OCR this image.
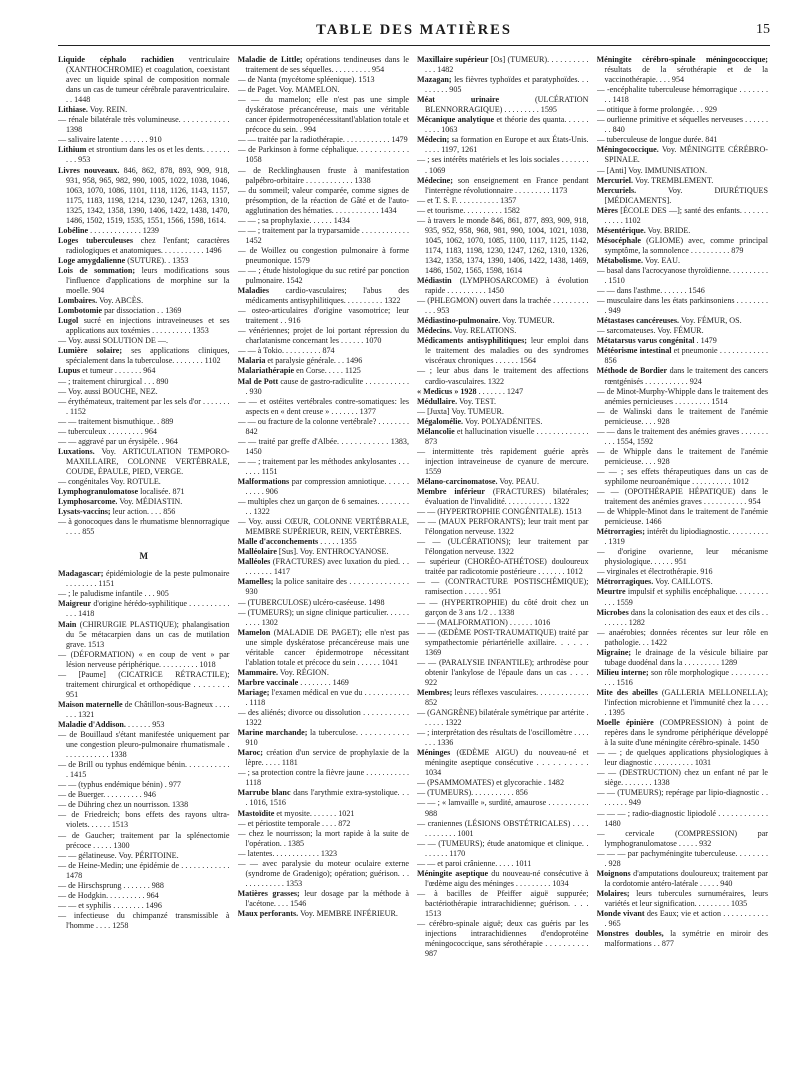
TABLE DES MATIÈRES	15
Liquide céphalo rachidien ventriculaire (XANTHOCHROMIE) et coagulation, coexistant avec un liquide spinal de composition normale dans un cas de tumeur cérébrale paraventriculaire. . . 1448
Lithiase. Voy. REIN.
— rénale bilatérale très volumineuse. . . . . . . . . . . . 1398
— salivaire latente . . . . . . . 910
Lithium et strontium dans les os et les dents. . . . . . . . . . 953
Livres nouveaux. 846, 862, 878, 893, 909, 918, 931, 958, 965, 982, 990, 1005, 1022, 1038, 1046, 1063, 1070, 1086, 1101, 1118, 1126, 1143, 1157, 1175, 1183, 1198, 1214, 1230, 1247, 1263, 1310, 1325, 1342, 1358, 1390, 1406, 1422, 1438, 1470, 1486, 1502, 1519, 1535, 1551, 1566, 1598, 1614.
Lobéline . . . . . . . . . . . . . 1239
Loges tuberculeuses chez l'enfant; caractères radiologiques et anatomiques. . . . . . . . . . . 1496
Loge amygdalienne (SUTURE). . 1353
Lois de sommation; leurs modifications sous l'influence d'applications de morphine sur la moelle. 904
Lombaires. Voy. ABCÈS.
Lombotomie par dissociation . . 1369
Lugol sucré en injections intraveineuses et ses applications aux toxémies . . . . . . . . . . 1353
— Voy. aussi SOLUTION DE —.
Lumière solaire; ses applications cliniques, spécialement dans la tuberculose. . . . . . . . 1102
Lupus et tumeur . . . . . . . 964
— ; traitement chirurgical . . . 890
— Voy. aussi BOUCHE, NEZ.
— érythémateux, traitement par les sels d'or . . . . . . . . 1152
— — traitement bismuthique. . 889
— tuberculeux . . . . . . . . . 964
— — aggravé par un érysipèle. . 964
Luxations. Voy. ARTICULATION TEMPORO-MAXILLAIRE, COLONNE VERTÉBRALE, COUDE, ÉPAULE, PIED, VERGE.
— congénitales Voy. ROTULE.
Lymphogranulomatose localisée. 871
Lymphosarcome. Voy. MÉDIASTIN.
Lysats-vaccins; leur action. . . . 856
— à gonocoques dans le rhumatisme blennorragique . . . . 855
M
Madagascar; épidémiologie de la peste pulmonaire . . . . . . . . 1151
— ; le paludisme infantile . . . 905
Maigreur d'origine hérédo-syphilitique . . . . . . . . . . . . . 1418
Main (CHIRURGIE PLASTIQUE); phalangisation du 5e métacarpien dans un cas de mutilation grave. 1513
— (DÉFORMATION) « en coup de vent » par lésion nerveuse périphérique. . . . . . . . . . 1018
— [Paume] (CICATRICE RÉTRACTILE); traitement chirurgical et orthopédique . . . . . . . . 951
Maison maternelle de Châtillon-sous-Bagneux . . . . . . . 1321
Maladie d'Addison. . . . . . . 953
— de Bouillaud s'étant manifestée uniquement par une congestion pleuro-pulmonaire rhumatismale . . . . . . . . . . . . 1338
— de Brill ou typhus endémique bénin. . . . . . . . . . . . 1415
— — (typhus endémique bénin) . 977
— de Buerger. . . . . . . . . . 946
— de Dühring chez un nourrisson. 1338
— de Friedreich; bons effets des rayons ultra-violets. . . . . . 1513
— de Gaucher; traitement par la splénectomie précoce . . . . . 1300
— — gélatineuse. Voy. PÉRITOINE.
— de Heine-Medin; une épidémie de . . . . . . . . . . . . 1478
— de Hirschsprung . . . . . . . 988
— de Hodgkin. . . . . . . . . . 964
— — et syphilis . . . . . . . . 1496
— infectieuse du chimpanzé transmissible à l'homme . . . . 1258
Maladie de Little; opérations tendineuses dans le traitement de ses séquelles. . . . . . . . . . 954
— de Nanta (mycétome spléenique). 1513
— de Paget. Voy. MAMELON.
— — du mamelon; elle n'est pas une simple dyskératose précancéreuse, mais une véritable cancer épidermotropenécessitantl'ablation totale et précoce du sein. . 994
— — traitée par la radiothérapie. . . . . . . . . . . . 1479
— de Parkinson à forme céphalique. . . . . . . . . . . . 1058
— de Recklinghausen fruste à manifestation palpébro-orbitaire . . . . . . . . . . . . 1338
— du sommeil; valeur comparée, comme signes de présomption, de la réaction de Gâté et de l'auto-agglutination des hématies. . . . . . . . . . . . 1434
— — ; sa prophylaxie. . . . . . 1434
— — ; traitement par la tryparsamide . . . . . . . . . . . . 1452
— de Woillez ou congestion pulmonaire à forme pneumonique. 1579
— — ; étude histologique du suc retiré par ponction pulmonaire. 1542
Maladies cardio-vasculaires; l'abus des médicaments antisyphilitiques. . . . . . . . . . 1322
— osteo-articulaires d'origine vasomotrice; leur traitement . . 916
— vénériennes; projet de loi portant répression du charlatanisme concernant les . . . . . . 1070
— — à Tokio. . . . . . . . . . 874
Malaria et paralysie générale. . . 1496
Malariathérapie en Corse. . . . . 1125
Mal de Pott cause de gastro-radiculite . . . . . . . . . . . . 930
— — et ostéites vertébrales contre-somatiques: les aspects en « dent creuse » . . . . . . . 1377
— — ou fracture de la colonne vertébrale? . . . . . . . . 842
— — traité par greffe d'Albée. . . . . . . . . . . . 1383, 1450
— — ; traitement par les méthodes ankylosantes . . . . . . . 1151
Malformations par compression amniotique. . . . . . . . . . . 906
— multiples chez un garçon de 6 semaines. . . . . . . . . . 1322
— Voy. aussi CŒUR, COLONNE VERTÉBRALE, MEMBRE SUPÉRIEUR, REIN, VERTÈBRES.
Malle d'acconchements . . . . . 1355
Malléolaire [Sus]. Voy. ENTHROCYANOSE.
Malléoles (FRACTURES) avec luxation du pied. . . . . . . . . . 1417
Mamelles; la police sanitaire des . . . . . . . . . . . . . . 930
— (TUBERCULOSE) ulcéro-caséeuse. 1498
— (TUMEURS); un signe clinique particulier. . . . . . . . . . 1302
Mamelon (MALADIE DE PAGET); elle n'est pas une simple dyskératose précancéreuse mais une véritable cancer épidermotrope nécessitant l'ablation totale et précoce du sein . . . . . . 1041
Mammaire. Voy. RÉGION.
Marbre vaccinale . . . . . . . . 1469
Mariage; l'examen médical en vue du . . . . . . . . . . . . 1118
— des aliénés; divorce ou dissolution . . . . . . . . . . . 1322
Marine marchande; la tuberculose. . . . . . . . . . . . 910
Maroc; création d'un service de prophylaxie de la lèpre. . . . . 1181
— ; sa protection contre la fièvre jaune . . . . . . . . . . . 1118
Marrube blanc dans l'arythmie extra-systolique. . . . 1016, 1516
Mastoïdite et myosite. . . . . . . 1021
— et périostite temporale . . . . 872
— chez le nourrisson; la mort rapide à la suite de l'opération. . 1385
— latentes. . . . . . . . . . . . 1323
— — avec paralysie du moteur oculaire externe (syndrome de Gradenigo); opération; guérison. . . . . . . . . . . . . 1353
Matières grasses; leur dosage par la méthode à l'acétone. . . . 1546
Maux perforants. Voy. MEMBRE INFÉRIEUR.
Maxillaire supérieur [Os] (TUMEUR). . . . . . . . . . . . . 1482
Mazagan; les fièvres typhoïdes et paratyphoïdes. . . . . . . . . 905
Méat urinaire (ULCÉRATION BLENNORRAGIQUE) . . . . . . . . . 1595
Mécanique analytique et théorie des quanta. . . . . . . . . . 1063
Médecin; sa formation en Europe et aux États-Unis. . . . . 1197, 1261
— ; ses intérêts matériels et les lois sociales . . . . . . . . 1069
Médecine; son enseignement en France pendant l'interrègne révolutionnaire . . . . . . . . . 1173
— et T. S. F. . . . . . . . . . . 1357
— et tourisme. . . . . . . . . . 1582
— à travers le monde 846, 861, 877, 893, 909, 918, 935, 952, 958, 968, 981, 990, 1004, 1021, 1038, 1045, 1062, 1070, 1085, 1100, 1117, 1125, 1142, 1174, 1183, 1198, 1230, 1247, 1262, 1310, 1326, 1342, 1358, 1374, 1390, 1406, 1422, 1438, 1469, 1486, 1502, 1565, 1598, 1614
Médiastin (LYMPHOSARCOME) à évolution rapide . . . . . . . . . . 1450
— (PHLEGMON) ouvert dans la trachée . . . . . . . . . . . . 953
Médiastino-pulmonaire. Voy. TUMEUR.
Médecins. Voy. RELATIONS.
Médicaments antisyphilitiques; leur emploi dans le traitement des maladies ou des syndromes viscéraux chroniques . . . . . . 1564
— ; leur abus dans le traitement des affections cardio-vasculaires. 1322
« Medicus » 1928 . . . . . . . 1247
Médullaire. Voy. TEST.
— [Juxta] Voy. TUMEUR.
Mégalomélie. Voy. POLYADÉNITES.
Mélancolie et hallucination visuelle . . . . . . . . . . . . . 873
— intermittente très rapidement guérie après injection intraveineuse de cyanure de mercure. 1559
Mélano-carcinomatose. Voy. PEAU.
Membre inférieur (FRACTURES) bilatérales; évaluation de l'invalidité. . . . . . . . . . . . 1322
— — (HYPERTROPHIE CONGÉNITALE). 1513
— — (MAUX PERFORANTS); leur trait ment par l'élongation nerveuse. 1322
— — (ULCÉRATIONS); leur traitement par l'élongation nerveuse. 1322
— supérieur (CHORÉO-ATHÉTOSE) douloureux traitée par radicotomie postérieure . . . . . . . 1012
— — (CONTRACTURE POSTISCHÉMIQUE); ramisection . . . . . . 951
— — (HYPERTROPHIE) du côté droit chez un garçon de 3 ans 1/2 . . 1338
— — (MALFORMATION) . . . . . . 1016
— — (ŒDÈME POST-TRAUMATIQUE) traité par sympathectomie périartérielle axillaire. . . . . . 1369
— — (PARALYSIE INFANTILE); arthrodèse pour obtenir l'ankylose de l'épaule dans un cas . . . . 922
Membres; leurs réflexes vasculaires. . . . . . . . . . . . . 852
— (GANGRÈNE) bilatérale symétrique par artérite . . . . . . 1322
— ; interprétation des résultats de l'oscillomètre . . . . . . . 1336
Méninges (ŒDÈME AIGU) du nouveau-né et méningite aseptique consécutive . . . . . . . . . . 1034
— (PSAMMOMATES) et glycorachie . 1482
— (TUMEURS). . . . . . . . . . . 856
— — ; « lamvaille », surdité, amaurose . . . . . . . . . . 988
— craniennes (LÉSIONS OBSTÉTRICALES) . . . . . . . . . . . . 1001
— — (TUMEURS); étude anatomique et clinique. . . . . . . . 1170
— — et paroi crânienne. . . . . 1011
Méningite aseptique du nouveau-né consécutive à l'œdème aigu des méninges . . . . . . . . . 1034
— à bacilles de Pfeiffer aiguë suppurée; bactériothérapie intrarachidienne; guérison. . . . 1513
— cérébro-spinale aiguë; deux cas guéris par les injections intrarachidiennes d'endoprotéine méningococcique, sans sérothérapie . . . . . . . . . . 987
Méningite cérébro-spinale méningococcique; résultats de la sérothérapie et de la vaccinothérapie. . . . 954
— -encéphalite tuberculeuse hémorragique . . . . . . . . . 1418
— otitique à forme prolongée. . . 929
— ourlienne primitive et séquelles nerveuses . . . . . . . . 840
— tuberculeuse de longue durée. 841
Méningococcique. Voy. MÉNINGITE CÉRÉBRO-SPINALE.
— [Anti] Voy. IMMUNISATION.
Mercuriel. Voy. TREMBLEMENT.
Mercuriels. Voy. DIURÉTIQUES [MÉDICAMENTS].
Mères [ÉCOLE DES —]; santé des enfants. . . . . . . . . . . . 1102
Mésentérique. Voy. BRIDE.
Mésocéphale (GLIOME) avec, comme principal symptôme, la somnolence . . . . . . . . . . 879
Métabolisme. Voy. EAU.
— basal dans l'acrocyanose thyroïdienne. . . . . . . . . . . 1510
— — dans l'asthme. . . . . . . 1546
— musculaire dans les états parkinsoniens . . . . . . . . . 949
Métastases cancéreuses. Voy. FÉMUR, OS.
— sarcomateuses. Voy. FÉMUR.
Métatarsus varus congénital . 1479
Météorisme intestinal et pneumonie . . . . . . . . . . . . 856
Méthode de Bordier dans le traitement des cancers rœntgénisés . . . . . . . . . . . 924
— de Minot-Murphy-Whipple dans le traitement des anémies pernicieuses . . . . . . . . . 1514
— de Walinski dans le traitement de l'anémie pernicieuse. . . . 928
— — dans le traitement des anémies graves . . . . . . . . . . 1554, 1592
— de Whipple dans le traitement de l'anémie pernicieuse. . . . 928
— — ; ses effets thérapeutiques dans un cas de syphilome neuroanémique . . . . . . . . . . 1012
— — (OPOTHÉRAPIE HÉPATIQUE) dans le traitement des anémies graves . . . . . . . . . . . 954
— de Whipple-Minot dans le traitement de l'anémie pernicieuse. 1466
Métrorragies; intérêt du lipiodiagnostic. . . . . . . . . . . 1319
— d'origine ovarienne, leur mécanisme physiologique. . . . . . 951
— virginales et électrothérapie. 916
Métrorragiques. Voy. CAILLOTS.
Meurtre impulsif et syphilis encéphalique. . . . . . . . . . . 1559
Microbes dans la colonisation des eaux et des cils . . . . . . . . 1282
— anaérobies; données récentes sur leur rôle en pathologie. . . 1422
Migraine; le drainage de la vésicule biliaire par tubage duodénal dans la . . . . . . . . . 1289
Milieu interne; son rôle morphologique . . . . . . . . . . . . 1516
Mite des abeilles (GALLERIA MELLONELLA); l'infection microbienne et l'immunité chez la . . . . . 1395
Moelle épinière (COMPRESSION) à point de repères dans le syndrome périphérique développé à la suite d'une méningite cérébro-spinale. 1450
— — ; de quelques applications physiologiques à leur diagnostic . . . . . . . . . . 1031
— — (DESTRUCTION) chez un enfant né par le siège. . . . . . . . 1338
— — (TUMEURS); repérage par lipio-diagnostic . . . . . . . . 949
— — — ; radio-diagnostic lipiodolé . . . . . . . . . . . . 1480
— cervicale (COMPRESSION) par lymphogranulomatose . . . . . 932
— — — par pachyméningite tuberculeuse. . . . . . . . . 928
Moignons d'amputations douloureux; traitement par la cordotomie antéro-latérale . . . . . 940
Molaires; leurs tubercules surnuméraires, leurs variétés et leur signification. . . . . . . . . 1035
Monde vivant des Eaux; vie et action . . . . . . . . . . . . 965
Monstres doubles, la symétrie en miroir des malformations . . 877
